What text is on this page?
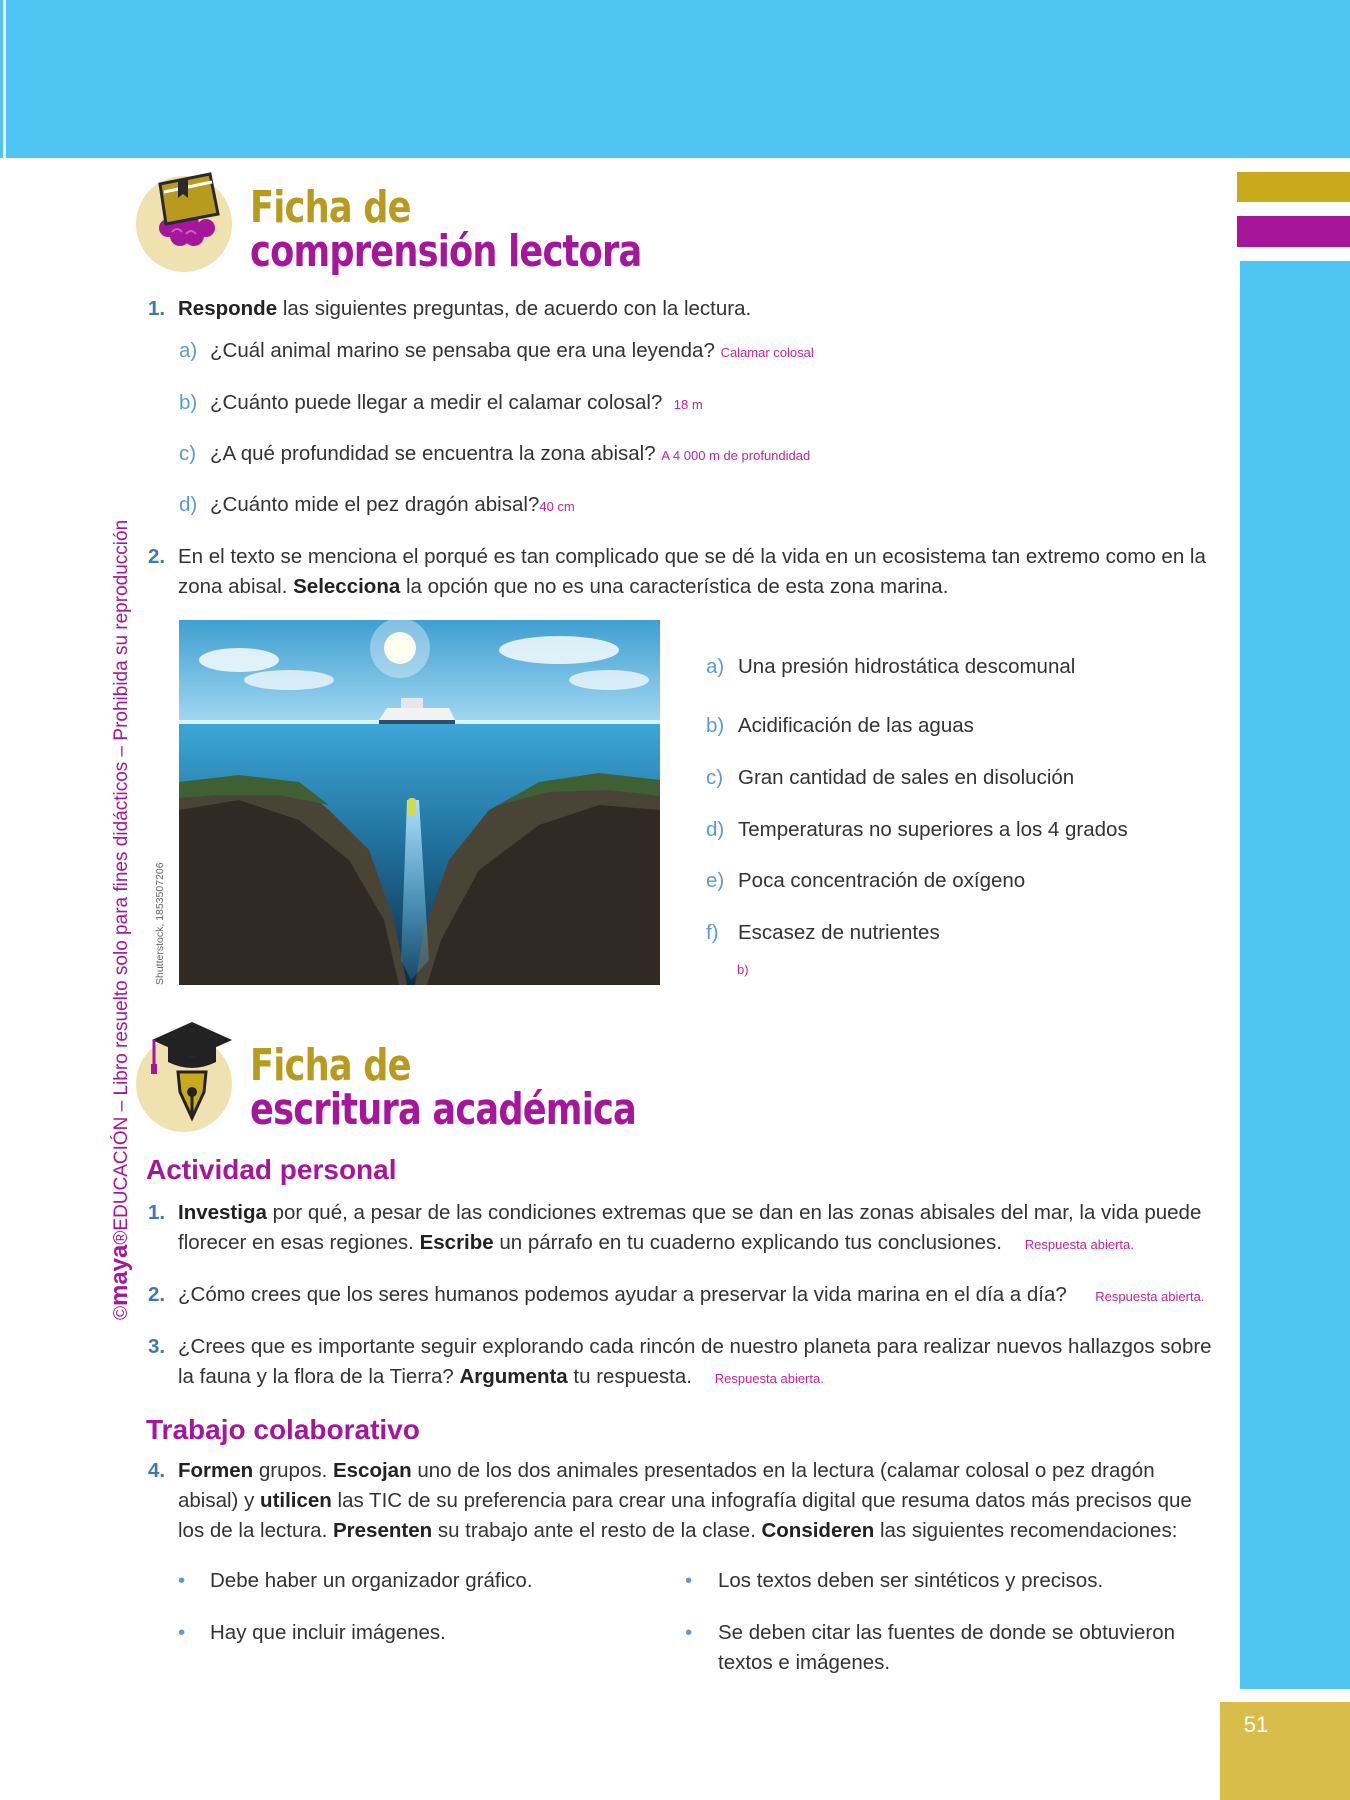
51
©maya®EDUCACIÓN – Libro resuelto solo para fines didácticos – Prohibida su reproducción
Ficha de
comprensión lectora
1. Responde las siguientes preguntas, de acuerdo con la lectura.
a) ¿Cuál animal marino se pensaba que era una leyenda? Calamar colosal
b) ¿Cuánto puede llegar a medir el calamar colosal? 18 m
c) ¿A qué profundidad se encuentra la zona abisal? A 4 000 m de profundidad
d) ¿Cuánto mide el pez dragón abisal?40 cm
2. En el texto se menciona el porqué es tan complicado que se dé la vida en un ecosistema tan extremo como en la zona abisal. Selecciona la opción que no es una característica de esta zona marina.
Shutterstock, 1853507206
a) Una presión hidrostática descomunal
b) Acidificación de las aguas
c) Gran cantidad de sales en disolución
d) Temperaturas no superiores a los 4 grados
e) Poca concentración de oxígeno
f) Escasez de nutrientes
b)
Ficha de
escritura académica
Actividad personal
1. Investiga por qué, a pesar de las condiciones extremas que se dan en las zonas abisales del mar, la vida puede florecer en esas regiones. Escribe un párrafo en tu cuaderno explicando tus conclusiones. Respuesta abierta.
2. ¿Cómo crees que los seres humanos podemos ayudar a preservar la vida marina en el día a día? Respuesta abierta.
3. ¿Crees que es importante seguir explorando cada rincón de nuestro planeta para realizar nuevos hallazgos sobre la fauna y la flora de la Tierra? Argumenta tu respuesta. Respuesta abierta.
Trabajo colaborativo
4. Formen grupos. Escojan uno de los dos animales presentados en la lectura (calamar colosal o pez dragón abisal) y utilicen las TIC de su preferencia para crear una infografía digital que resuma datos más precisos que los de la lectura. Presenten su trabajo ante el resto de la clase. Consideren las siguientes recomendaciones:
• Debe haber un organizador gráfico.
• Hay que incluir imágenes.
• Los textos deben ser sintéticos y precisos.
• Se deben citar las fuentes de donde se obtuvieron textos e imágenes.
